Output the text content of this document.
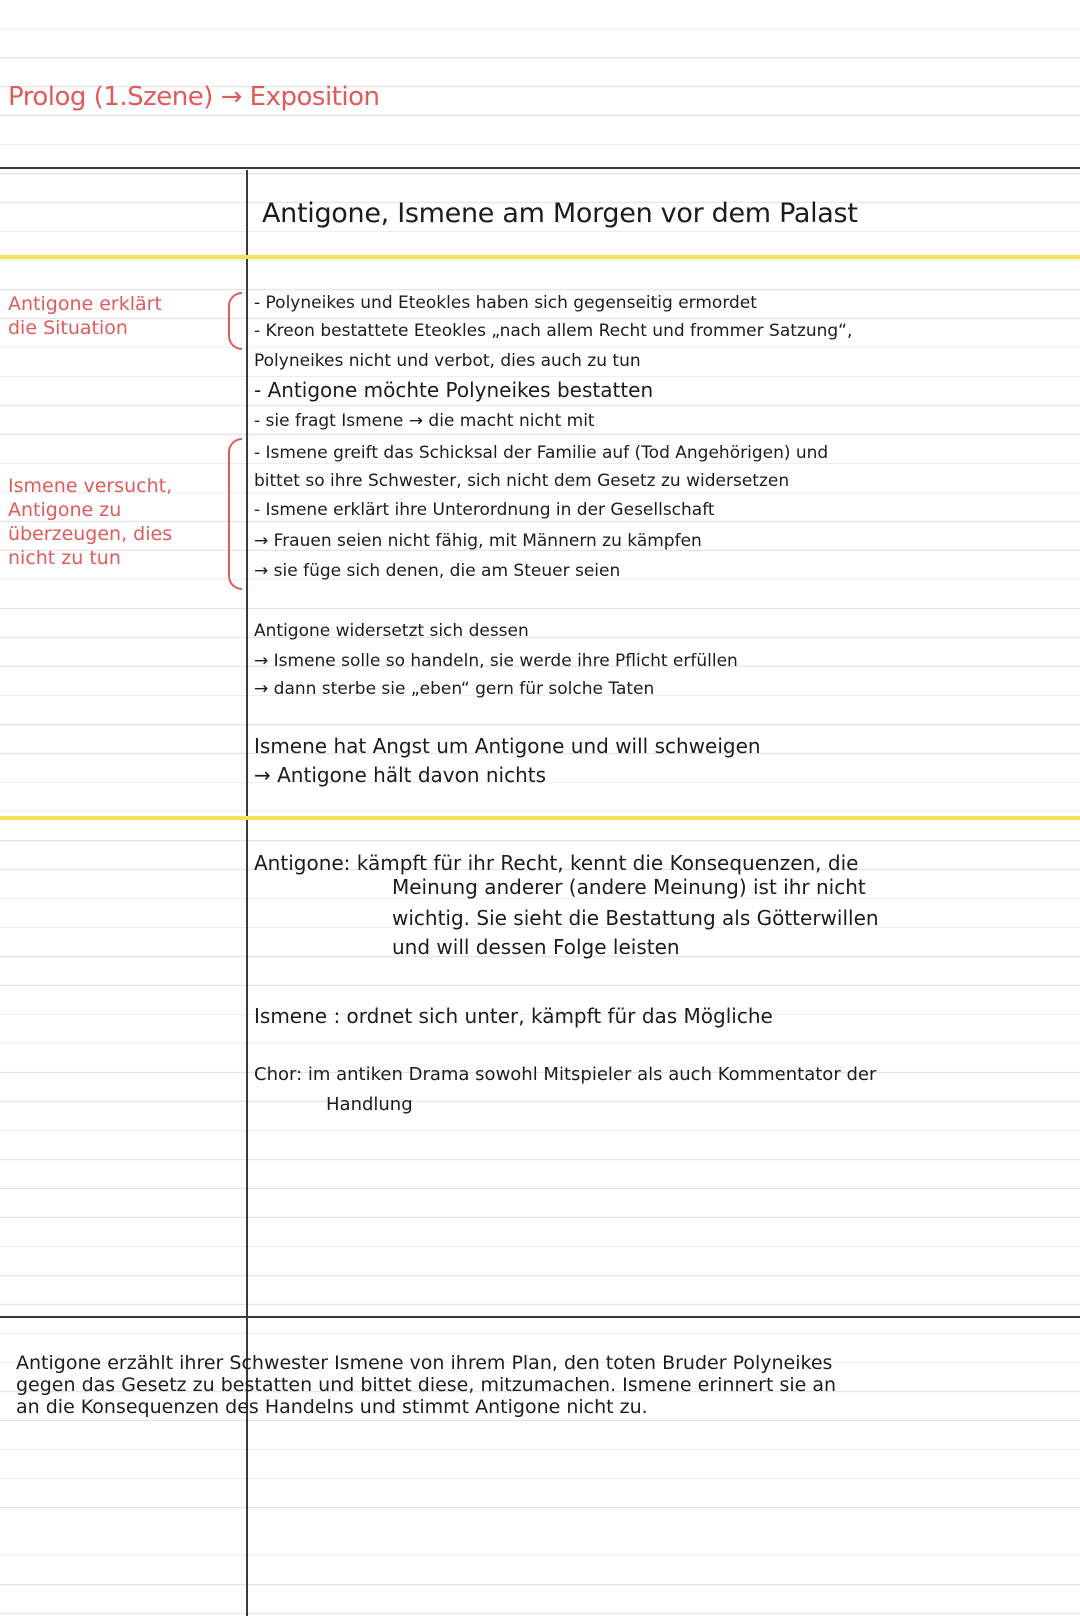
Prolog (1.Szene) → Exposition
Antigone, Ismene am Morgen vor dem Palast
Antigone erklärt
die Situation
Ismene versucht,
Antigone zu
überzeugen, dies
nicht zu tun
- Polyneikes und Eteokles haben sich gegenseitig ermordet
- Kreon bestattete Eteokles „nach allem Recht und frommer Satzung“,
Polyneikes nicht und verbot, dies auch zu tun
- Antigone möchte Polyneikes bestatten
- sie fragt Ismene → die macht nicht mit
- Ismene greift das Schicksal der Familie auf (Tod Angehörigen) und
bittet so ihre Schwester, sich nicht dem Gesetz zu widersetzen
- Ismene erklärt ihre Unterordnung in der Gesellschaft
→ Frauen seien nicht fähig, mit Männern zu kämpfen
→ sie füge sich denen, die am Steuer seien
Antigone widersetzt sich dessen
→ Ismene solle so handeln, sie werde ihre Pflicht erfüllen
→ dann sterbe sie „eben“ gern für solche Taten
Ismene hat Angst um Antigone und will schweigen
→ Antigone hält davon nichts
Antigone: kämpft für ihr Recht, kennt die Konsequenzen, die
Meinung anderer (andere Meinung) ist ihr nicht
wichtig. Sie sieht die Bestattung als Götterwillen
und will dessen Folge leisten
Ismene : ordnet sich unter, kämpft für das Mögliche
Chor: im antiken Drama sowohl Mitspieler als auch Kommentator der
Handlung
Antigone erzählt ihrer Schwester Ismene von ihrem Plan, den toten Bruder Polyneikes
gegen das Gesetz zu bestatten und bittet diese, mitzumachen. Ismene erinnert sie an
an die Konsequenzen des Handelns und stimmt Antigone nicht zu.
